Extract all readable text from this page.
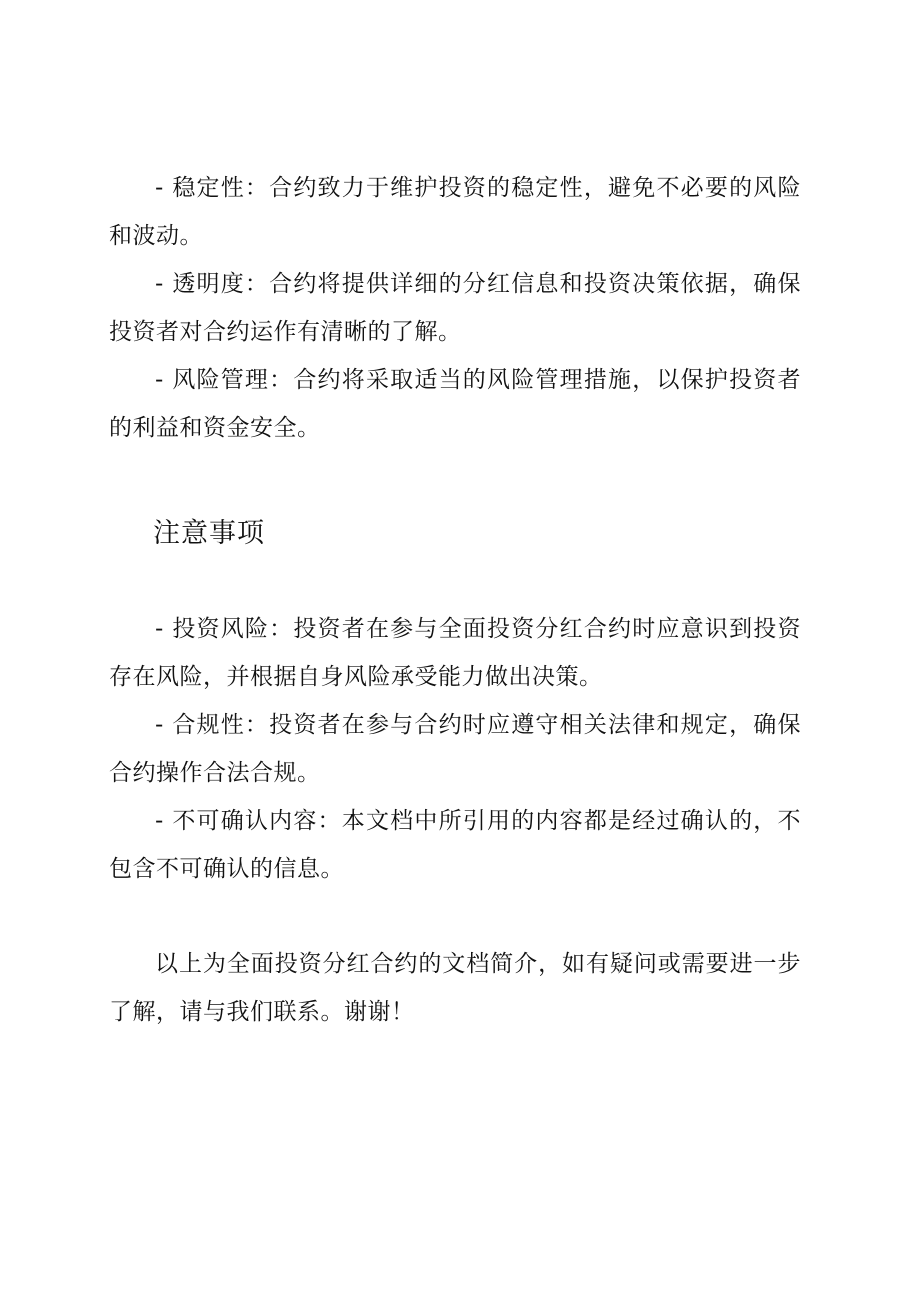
- 稳定性：合约致力于维护投资的稳定性，避免不必要的风险和波动。

- 透明度：合约将提供详细的分红信息和投资决策依据，确保投资者对合约运作有清晰的了解。

- 风险管理：合约将采取适当的风险管理措施，以保护投资者的利益和资金安全。

注意事项

- 投资风险：投资者在参与全面投资分红合约时应意识到投资存在风险，并根据自身风险承受能力做出决策。

- 合规性：投资者在参与合约时应遵守相关法律和规定，确保合约操作合法合规。

- 不可确认内容：本文档中所引用的内容都是经过确认的，不包含不可确认的信息。

以上为全面投资分红合约的文档简介，如有疑问或需要进一步了解，请与我们联系。谢谢！
